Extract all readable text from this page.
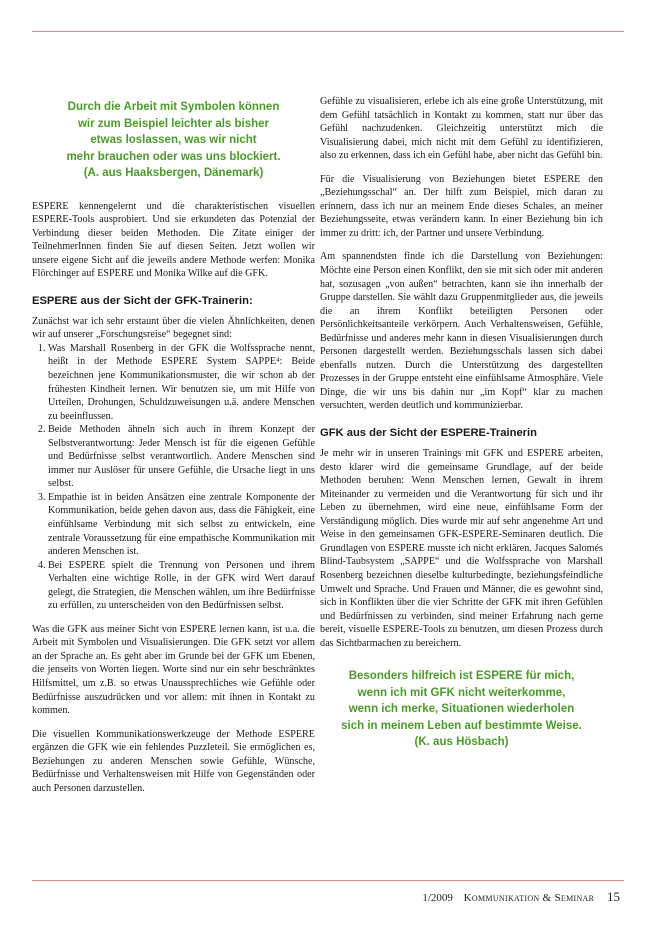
Durch die Arbeit mit Symbolen können
wir zum Beispiel leichter als bisher
etwas loslassen, was wir nicht
mehr brauchen oder was uns blockiert.
(A. aus Haaksbergen, Dänemark)

ESPERE kennengelernt und die charakteristischen visuellen ESPERE-Tools ausprobiert. Und sie erkundeten das Potenzial der Verbindung dieser beiden Methoden. Die Zitate einiger der TeilnehmerInnen finden Sie auf diesen Seiten. Jetzt wollen wir unsere eigene Sicht auf die jeweils andere Methode werfen: Monika Flörchinger auf ESPERE und Monika Wilke auf die GFK.

ESPERE aus der Sicht der GFK-Trainerin:

Zunächst war ich sehr erstaunt über die vielen Ähnlichkeiten, denen wir auf unserer „Forschungsreise“ begegnet sind:

1. Was Marshall Rosenberg in der GFK die Wolfssprache nennt, heißt in der Methode ESPERE System SAPPE⁴: Beide bezeichnen jene Kommunikationsmuster, die wir schon ab der frühesten Kindheit lernen. Wir benutzen sie, um mit Hilfe von Urteilen, Drohungen, Schuldzuweisungen u.ä. andere Menschen zu beeinflussen.
2. Beide Methoden ähneln sich auch in ihrem Konzept der Selbstverantwortung: Jeder Mensch ist für die eigenen Gefühle und Bedürfnisse selbst verantwortlich. Andere Menschen sind immer nur Auslöser für unsere Gefühle, die Ursache liegt in uns selbst.
3. Empathie ist in beiden Ansätzen eine zentrale Komponente der Kommunikation, beide gehen davon aus, dass die Fähigkeit, eine einfühlsame Verbindung mit sich selbst zu entwickeln, eine zentrale Voraussetzung für eine empathische Kommunikation mit anderen Menschen ist.
4. Bei ESPERE spielt die Trennung von Personen und ihrem Verhalten eine wichtige Rolle, in der GFK wird Wert darauf gelegt, die Strategien, die Menschen wählen, um ihre Bedürfnisse zu erfüllen, zu unterscheiden von den Bedürfnissen selbst.

Was die GFK aus meiner Sicht von ESPERE lernen kann, ist u.a. die Arbeit mit Symbolen und Visualisierungen. Die GFK setzt vor allem an der Sprache an. Es geht aber im Grunde bei der GFK um Ebenen, die jenseits von Worten liegen. Worte sind nur ein sehr beschränktes Hilfsmittel, um z.B. so etwas Unaussprechliches wie Gefühle oder Bedürfnisse auszudrücken und vor allem: mit ihnen in Kontakt zu kommen.

Die visuellen Kommunikationswerkzeuge der Methode ESPERE ergänzen die GFK wie ein fehlendes Puzzleteil. Sie ermöglichen es, Beziehungen zu anderen Menschen sowie Gefühle, Wünsche, Bedürfnisse und Verhaltensweisen mit Hilfe von Gegenständen oder auch Personen darzustellen.

Gefühle zu visualisieren, erlebe ich als eine große Unterstützung, mit dem Gefühl tatsächlich in Kontakt zu kommen, statt nur über das Gefühl nachzudenken. Gleichzeitig unterstützt mich die Visualisierung dabei, mich nicht mit dem Gefühl zu identifizieren, also zu erkennen, dass ich ein Gefühl habe, aber nicht das Gefühl bin.

Für die Visualisierung von Beziehungen bietet ESPERE den „Beziehungsschal“ an. Der hilft zum Beispiel, mich daran zu erinnern, dass ich nur an meinem Ende dieses Schales, an meiner Beziehungsseite, etwas verändern kann. In einer Beziehung bin ich immer zu dritt: ich, der Partner und unsere Verbindung.

Am spannendsten finde ich die Darstellung von Beziehungen: Möchte eine Person einen Konflikt, den sie mit sich oder mit anderen hat, sozusagen „von außen“ betrachten, kann sie ihn innerhalb der Gruppe darstellen. Sie wählt dazu Gruppenmitglieder aus, die jeweils die an ihrem Konflikt beteiligten Personen oder Persönlichkeitsanteile verkörpern. Auch Verhaltensweisen, Gefühle, Bedürfnisse und anderes mehr kann in diesen Visualisierungen durch Personen dargestellt werden. Beziehungsschals lassen sich dabei ebenfalls nutzen. Durch die Unterstützung des dargestellten Prozesses in der Gruppe entsteht eine einfühlsame Atmosphäre. Viele Dinge, die wir uns bis dahin nur „im Kopf“ klar zu machen versuchten, werden deutlich und kommunizierbar.

GFK aus der Sicht der ESPERE-Trainerin

Je mehr wir in unseren Trainings mit GFK und ESPERE arbeiten, desto klarer wird die gemeinsame Grundlage, auf der beide Methoden beruhen: Wenn Menschen lernen, Gewalt in ihrem Miteinander zu vermeiden und die Verantwortung für sich und ihr Leben zu übernehmen, wird eine neue, einfühlsame Form der Verständigung möglich. Dies wurde mir auf sehr angenehme Art und Weise in den gemeinsamen GFK-ESPERE-Seminaren deutlich. Die Grundlagen von ESPERE musste ich nicht erklären. Jacques Salomés Blind-Taubsystem „SAPPE“ und die Wolfssprache von Marshall Rosenberg bezeichnen dieselbe kulturbedingte, beziehungsfeindliche Umwelt und Sprache. Und Frauen und Männer, die es gewohnt sind, sich in Konflikten über die vier Schritte der GFK mit ihren Gefühlen und Bedürfnissen zu verbinden, sind meiner Erfahrung nach gerne bereit, visuelle ESPERE-Tools zu benutzen, um diesen Prozess durch das Sichtbarmachen zu bereichern.

Besonders hilfreich ist ESPERE für mich,
wenn ich mit GFK nicht weiterkomme,
wenn ich merke, Situationen wiederholen
sich in meinem Leben auf bestimmte Weise.
(K. aus Hösbach)
1/2009 Kommunikation & Seminar 15
